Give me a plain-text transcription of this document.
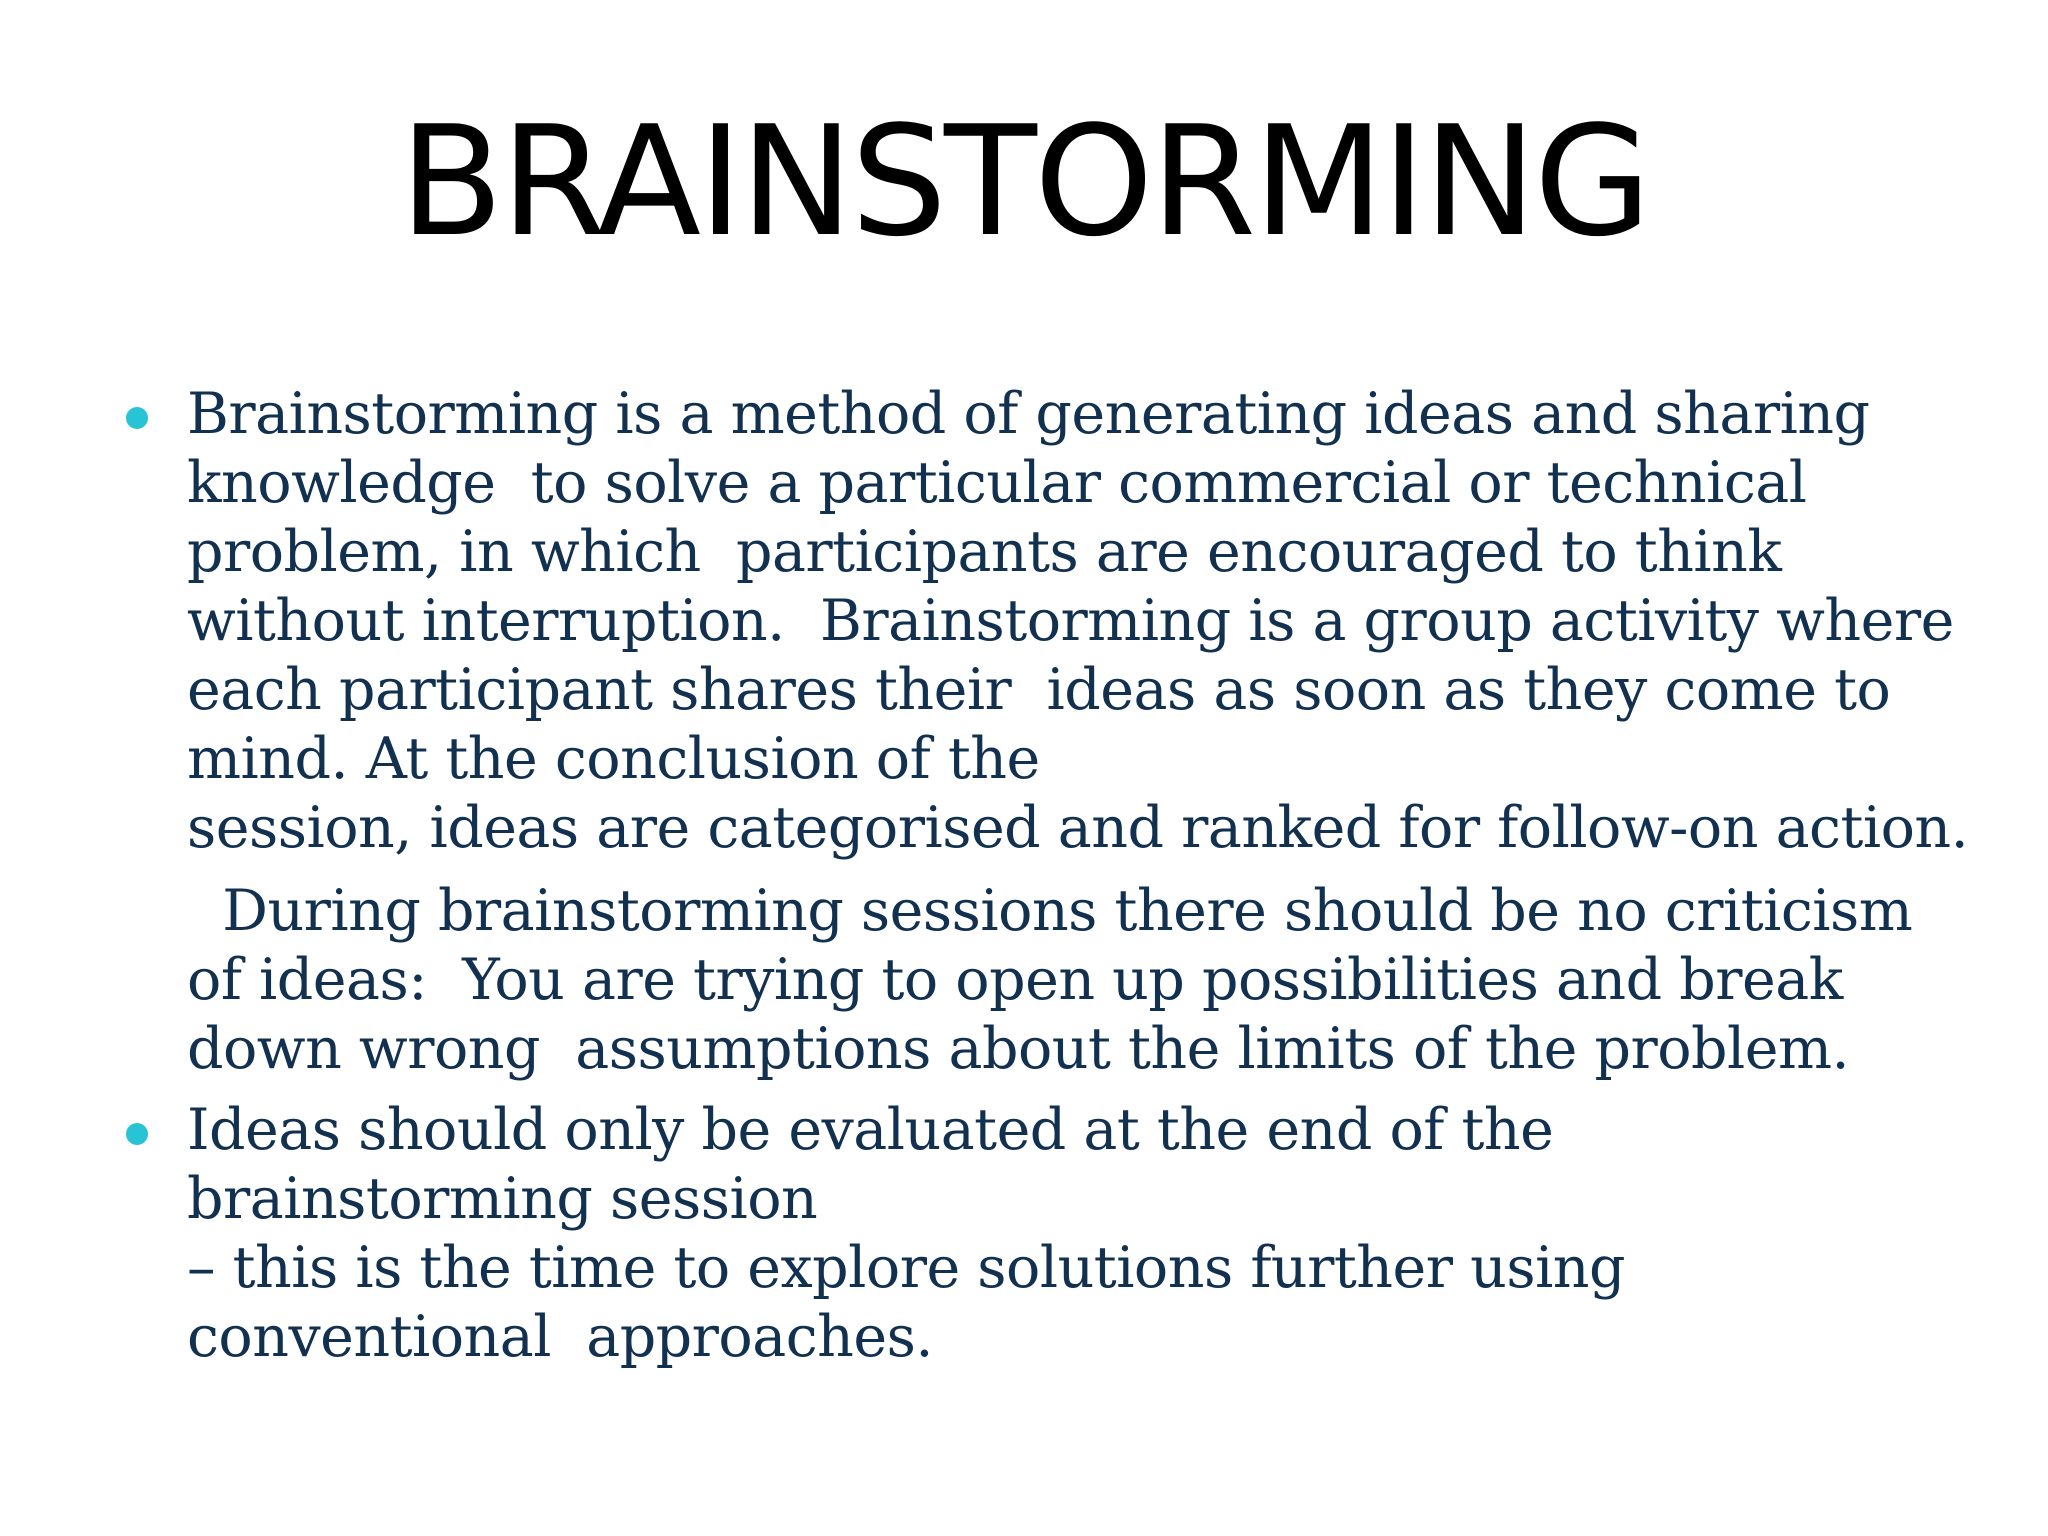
BRAINSTORMING
Brainstorming is a method of generating ideas and sharing
knowledge  to solve a particular commercial or technical
problem, in which  participants are encouraged to think
without interruption.  Brainstorming is a group activity where
each participant shares their  ideas as soon as they come to
mind. At the conclusion of the
session, ideas are categorised and ranked for follow-on action.
During brainstorming sessions there should be no criticism
of ideas:  You are trying to open up possibilities and break
down wrong  assumptions about the limits of the problem.
Ideas should only be evaluated at the end of the
brainstorming session
– this is the time to explore solutions further using
conventional  approaches.
